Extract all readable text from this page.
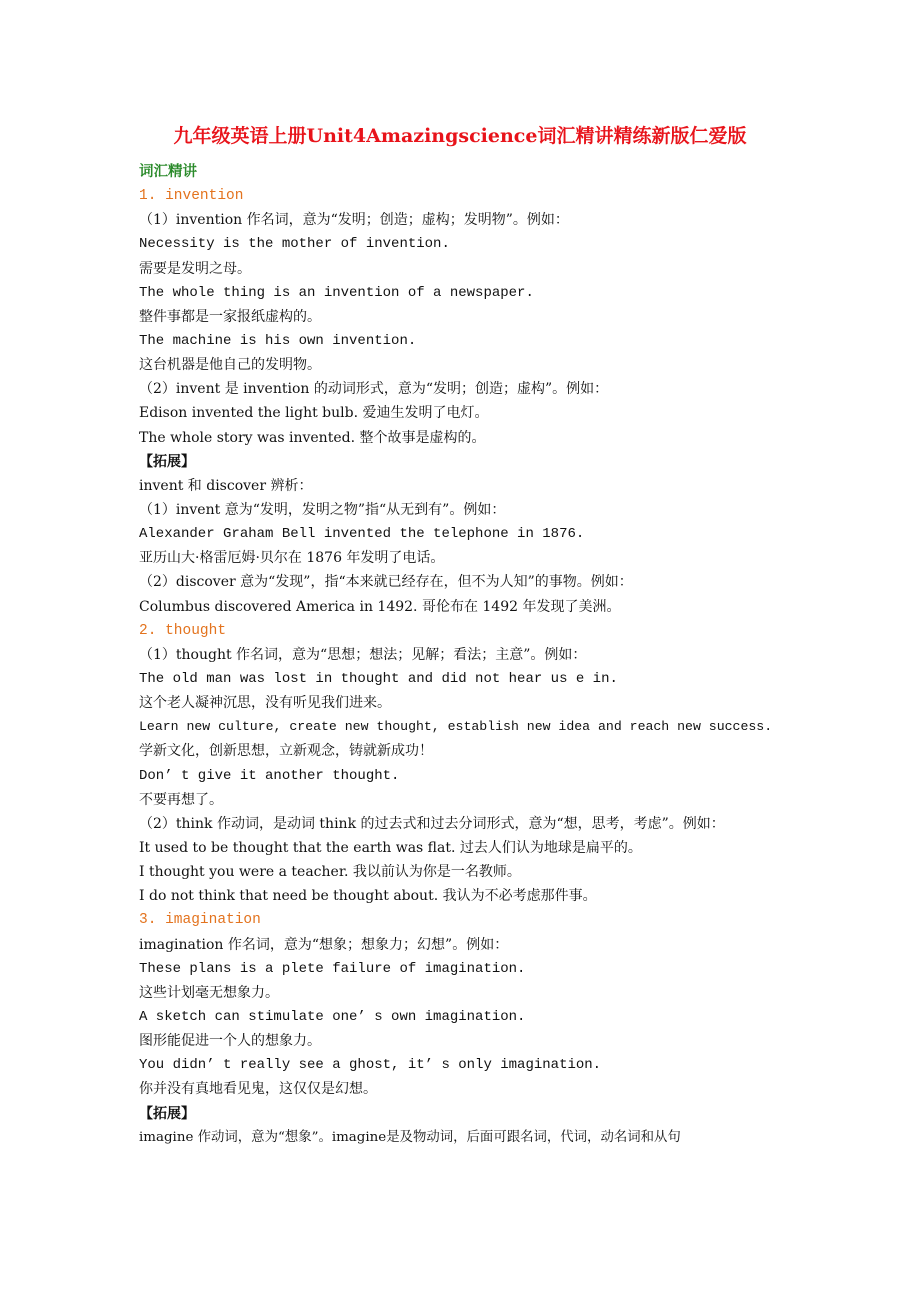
九年级英语上册Unit4Amazingscience词汇精讲精练新版仁爱版
词汇精讲
1. invention
（1）invention 作名词，意为“发明；创造；虚构；发明物”。例如：
Necessity is the mother of invention.
需要是发明之母。
The whole thing is an invention of a newspaper.
整件事都是一家报纸虚构的。
The machine is his own invention.
这台机器是他自己的发明物。
（2）invent 是 invention 的动词形式，意为“发明；创造；虚构”。例如：
Edison invented the light bulb. 爱迪生发明了电灯。
The whole story was invented. 整个故事是虚构的。
【拓展】
invent 和 discover 辨析：
（1）invent 意为“发明，发明之物”指“从无到有”。例如：
Alexander Graham Bell invented the telephone in 1876.
亚历山大·格雷厄姆·贝尔在 1876 年发明了电话。
（2）discover 意为“发现”，指“本来就已经存在，但不为人知”的事物。例如：
Columbus discovered America in 1492. 哥伦布在 1492 年发现了美洲。
2. thought
（1）thought 作名词，意为“思想；想法；见解；看法；主意”。例如：
The old man was lost in thought and did not hear us e in.
这个老人凝神沉思，没有听见我们进来。
Learn new culture, create new thought, establish new idea and reach new success.
学新文化，创新思想，立新观念，铸就新成功！
Don’ t give it another thought.
不要再想了。
（2）think 作动词，是动词 think 的过去式和过去分词形式，意为“想，思考，考虑”。例如：
It used to be thought that the earth was flat. 过去人们认为地球是扁平的。
I thought you were a teacher. 我以前认为你是一名教师。
I do not think that need be thought about. 我认为不必考虑那件事。
3. imagination
imagination 作名词，意为“想象；想象力；幻想”。例如：
These plans is a plete failure of imagination.
这些计划毫无想象力。
A sketch can stimulate one’ s own imagination.
图形能促进一个人的想象力。
You didn’ t really see a ghost, it’ s only imagination.
你并没有真地看见鬼，这仅仅是幻想。
【拓展】
imagine 作动词，意为“想象”。imagine是及物动词，后面可跟名词，代词，动名词和从句
